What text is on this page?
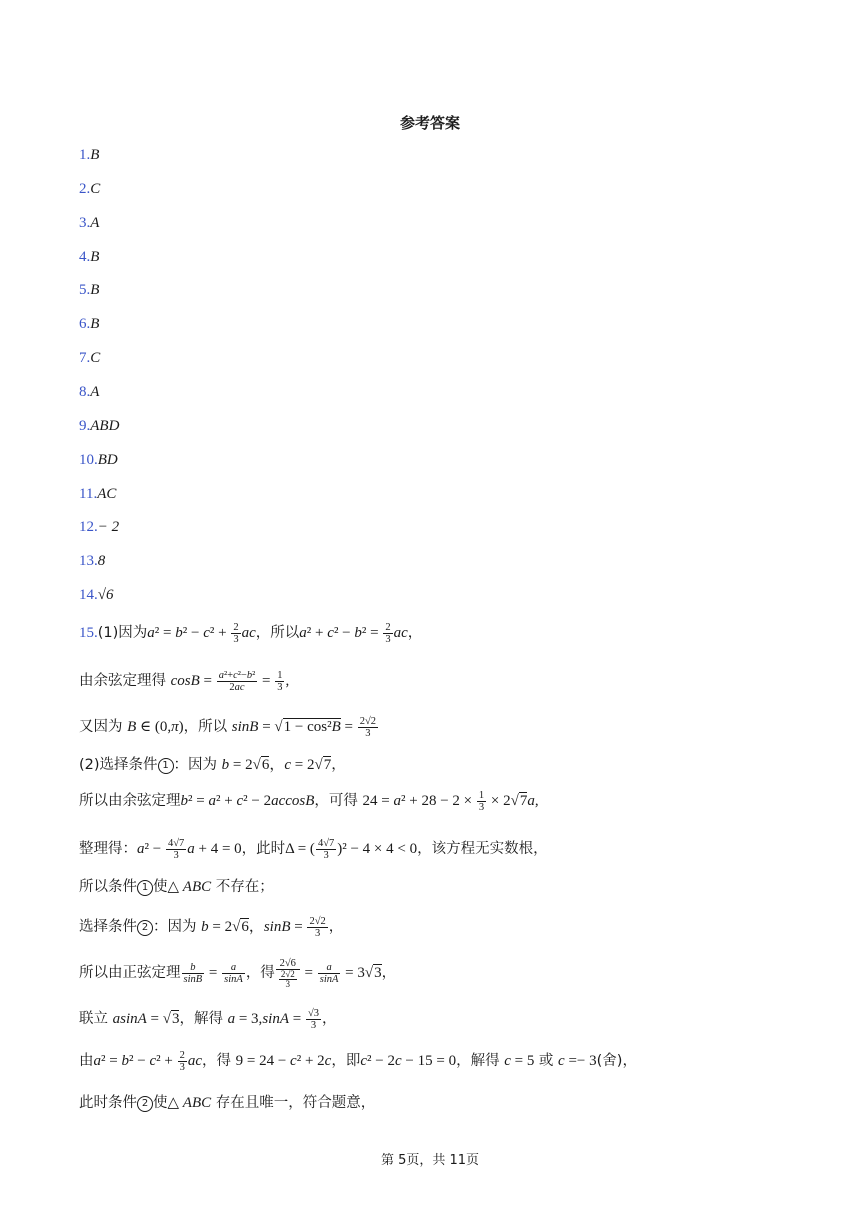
参考答案
1.B
2.C
3.A
4.B
5.B
6.B
7.C
8.A
9.ABD
10.BD
11.AC
12.− 2
13.8
14.√6
15.(1)因为$a^2 = b^2 - c^2 + \frac{2}{3}$ ac，所以$a^2 + c^2 - b^2 = \frac{2}{3}$ ac，
由余弦定理得 $\cos B = \frac{\text{a²+c²−b²}}{2ac} = \frac{1}{3}$ ,
又因为 B ∈ (0,π)，所以 $\sin B = √1 - \cos^2B = \frac{2√2}{3}$
(2)选择条件 1 ：因为 b = 2√6，c = 2√7，
所以由余弦定理b² = a² + c² − 2accosB，可得 $24 = a^2 + 28 - 2 \times \frac{1}{3} \times 2√7a$,
整理得：$a^2 - \frac{4√7}{3}$ a + 4 = 0，此时Δ = ( $\frac{4√7}{3} )^2 - 4 \times 4 < 0$，该方程无实数根，
所以条件 1 使△ ABC 不存在；
选择条件 2 ：因为 b = 2√6，$\sin B = \frac{2√2}{3}$ ，
所以由正弦定理 $\frac{b}{\sin B} = \frac{a}{\sin A}$ ，得 $\frac{2√6}{\frac{2√2}{3}} = \frac{a}{\sin A} = 3√3$，
联立 asinA = √3，解得 $a = 3,\sin A = \frac{√3}{3}$ ，
由$a^2 = b^2 - c^2 + \frac{2}{3}$ ac，得 9 = 24 − c² + 2c，即c² − 2c − 15 = 0，解得 c = 5 或 c =− 3(舍)，
此时条件 2 使△ ABC 存在且唯一，符合题意，
第 5页，共 11页
